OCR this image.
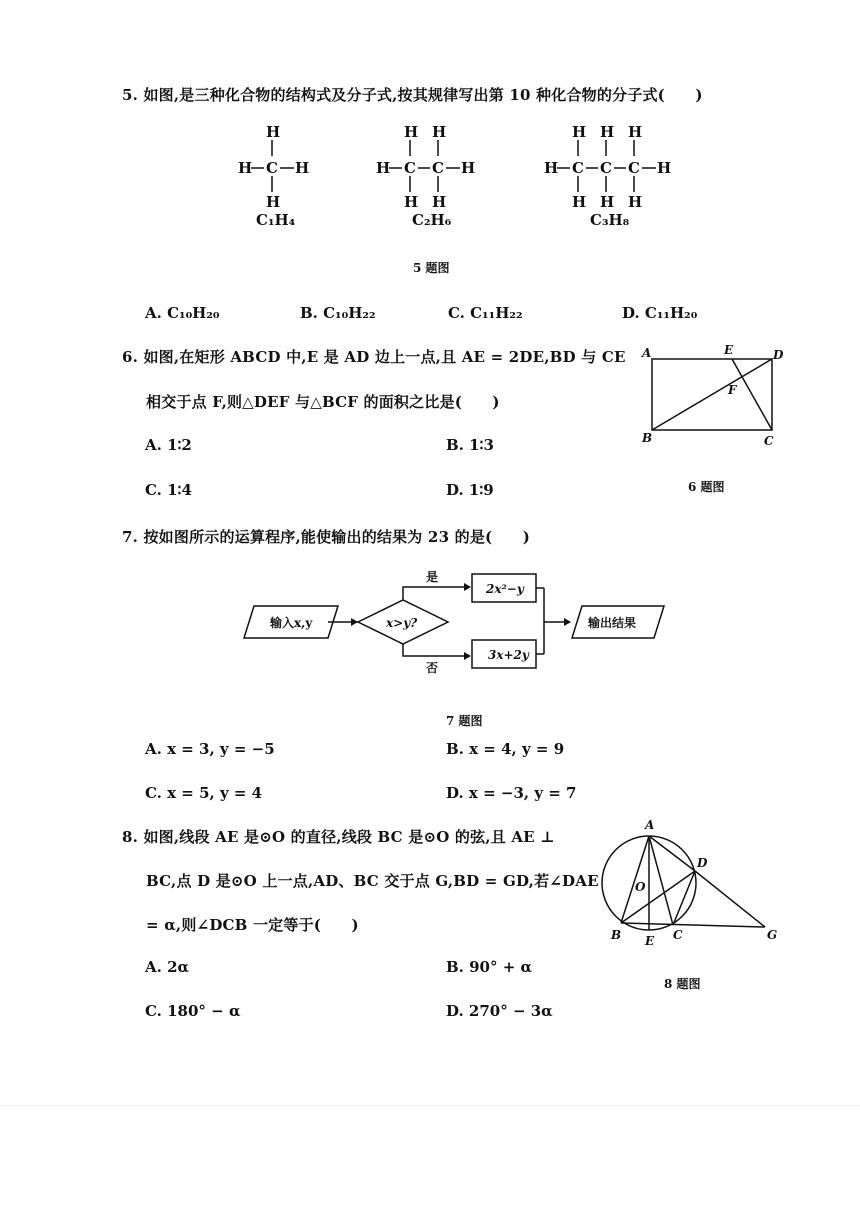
5. 如图,是三种化合物的结构式及分子式,按其规律写出第 10 种化合物的分子式(　　)
H
H C H
H
H H
H C C H
H H
H H H
H C C C H
H H H
C₁H₄	C₂H₆	C₃H₈
5 题图
A. C₁₀H₂₀	B. C₁₀H₂₂	C. C₁₁H₂₂	D. C₁₁H₂₀
6. 如图,在矩形 ABCD 中,E 是 AD 边上一点,且 AE = 2DE,BD 与 CE
相交于点 F,则△DEF 与△BCF 的面积之比是(　　)
A	E	D
F
B	C
6 题图
A. 1∶2	B. 1∶3
C. 1∶4	D. 1∶9
7. 按如图所示的运算程序,能使输出的结果为 23 的是(　　)
输入x,y	x>y?
是
2x²−y
否
3x+2y
输出结果
7 题图
A. x = 3, y = −5	B. x = 4, y = 9
C. x = 5, y = 4	D. x = −3, y = 7
8. 如图,线段 AE 是⊙O 的直径,线段 BC 是⊙O 的弦,且 AE ⊥
BC,点 D 是⊙O 上一点,AD、BC 交于点 G,BD = GD,若∠DAE
= α,则∠DCB 一定等于(　　)
A
D
O
B E C	G
8 题图
A. 2α	B. 90° + α
C. 180° − α	D. 270° − 3α
